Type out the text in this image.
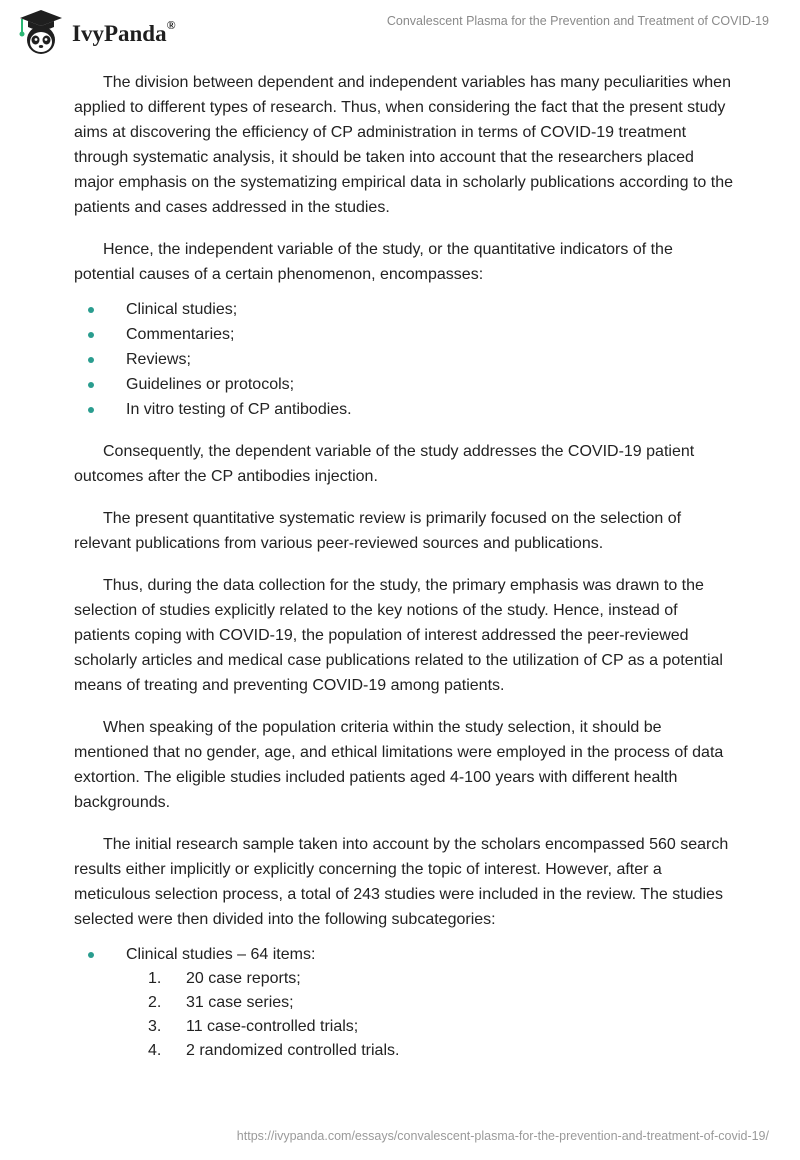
IvyPanda®	Convalescent Plasma for the Prevention and Treatment of COVID-19

The division between dependent and independent variables has many peculiarities when applied to different types of research. Thus, when considering the fact that the present study aims at discovering the efficiency of CP administration in terms of COVID-19 treatment through systematic analysis, it should be taken into account that the researchers placed major emphasis on the systematizing empirical data in scholarly publications according to the patients and cases addressed in the studies.

Hence, the independent variable of the study, or the quantitative indicators of the potential causes of a certain phenomenon, encompasses:

Clinical studies;
Commentaries;
Reviews;
Guidelines or protocols;
In vitro testing of CP antibodies.

Consequently, the dependent variable of the study addresses the COVID-19 patient outcomes after the CP antibodies injection.

The present quantitative systematic review is primarily focused on the selection of relevant publications from various peer-reviewed sources and publications.

Thus, during the data collection for the study, the primary emphasis was drawn to the selection of studies explicitly related to the key notions of the study. Hence, instead of patients coping with COVID-19, the population of interest addressed the peer-reviewed scholarly articles and medical case publications related to the utilization of CP as a potential means of treating and preventing COVID-19 among patients.

When speaking of the population criteria within the study selection, it should be mentioned that no gender, age, and ethical limitations were employed in the process of data extortion. The eligible studies included patients aged 4-100 years with different health backgrounds.

The initial research sample taken into account by the scholars encompassed 560 search results either implicitly or explicitly concerning the topic of interest. However, after a meticulous selection process, a total of 243 studies were included in the review. The studies selected were then divided into the following subcategories:

Clinical studies – 64 items:
1. 20 case reports;
2. 31 case series;
3. 11 case-controlled trials;
4. 2 randomized controlled trials.
https://ivypanda.com/essays/convalescent-plasma-for-the-prevention-and-treatment-of-covid-19/
